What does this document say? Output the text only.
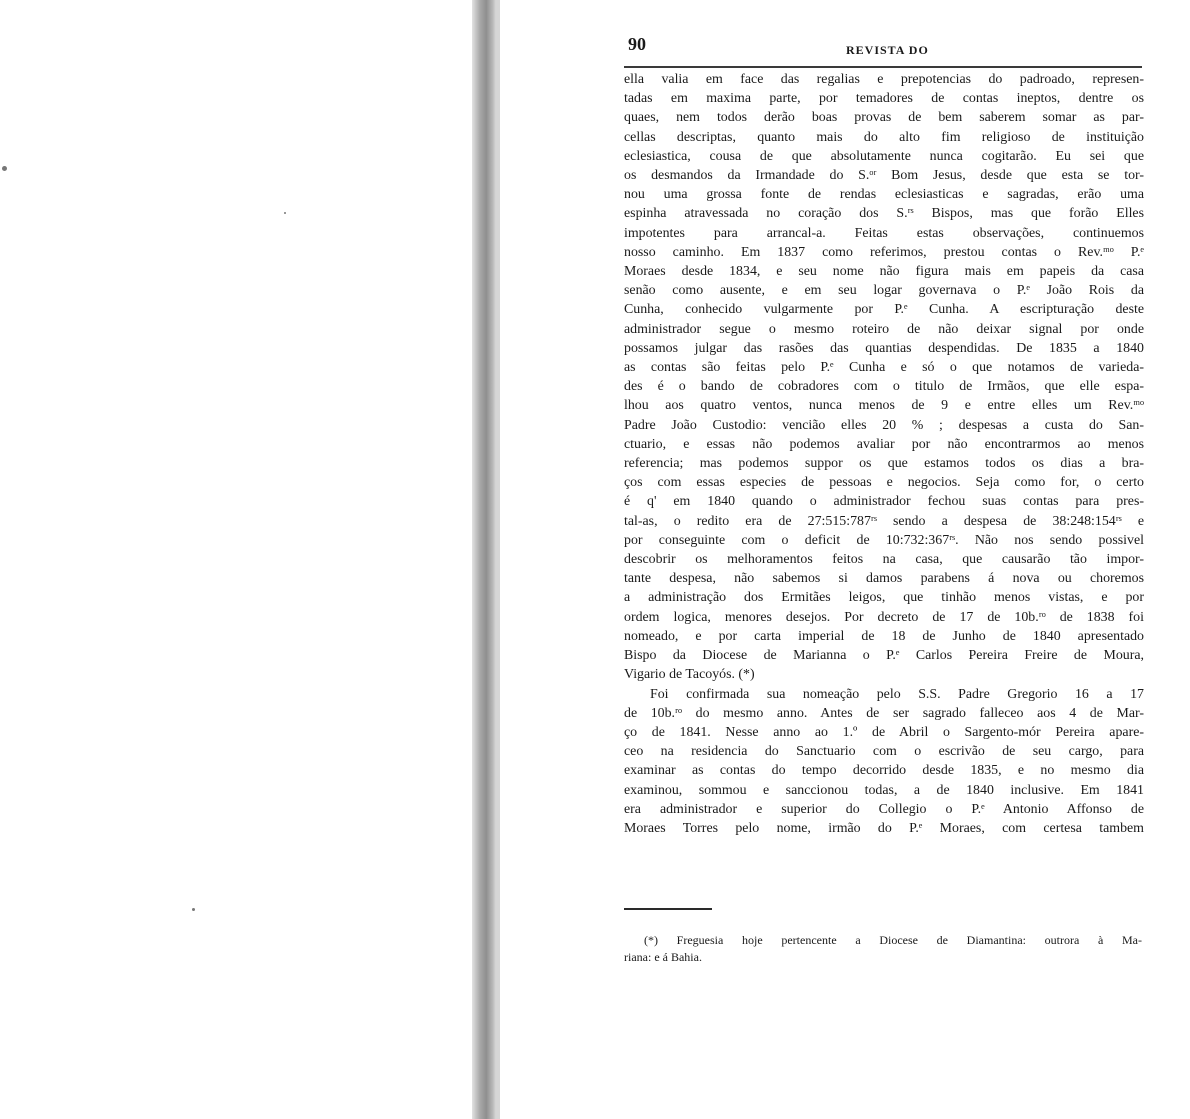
90	REVISTA DO
ella valia em face das regalias e prepotencias do padroado, represen-
tadas em maxima parte, por temadores de contas ineptos, dentre os
quaes, nem todos derão boas provas de bem saberem somar as par-
cellas descriptas, quanto mais do alto fim religioso de instituição
eclesiastica, cousa de que absolutamente nunca cogitarão. Eu sei que
os desmandos da Irmandade do S.ᵒʳ Bom Jesus, desde que esta se tor-
nou uma grossa fonte de rendas eclesiasticas e sagradas, erão uma
espinha atravessada no coração dos S.ʳˢ Bispos, mas que forão Elles
impotentes para arrancal-a. Feitas estas observações, continuemos
nosso caminho. Em 1837 como referimos, prestou contas o Rev.ᵐᵒ P.ᵉ
Moraes desde 1834, e seu nome não figura mais em papeis da casa
senão como ausente, e em seu logar governava o P.ᵉ João Rois da
Cunha, conhecido vulgarmente por P.ᵉ Cunha. A escripturação deste
administrador segue o mesmo roteiro de não deixar signal por onde
possamos julgar das rasões das quantias despendidas. De 1835 a 1840
as contas são feitas pelo P.ᵉ Cunha e só o que notamos de varieda-
des é o bando de cobradores com o titulo de Irmãos, que elle espa-
lhou aos quatro ventos, nunca menos de 9 e entre elles um Rev.ᵐᵒ
Padre João Custodio: vencião elles 20 % ; despesas a custa do San-
ctuario, e essas não podemos avaliar por não encontrarmos ao menos
referencia; mas podemos suppor os que estamos todos os dias a bra-
ços com essas especies de pessoas e negocios. Seja como for, o certo
é q' em 1840 quando o administrador fechou suas contas para pres-
tal-as, o redito era de 27:515:787ʳˢ sendo a despesa de 38:248:154ʳˢ e
por conseguinte com o deficit de 10:732:367ʳˢ. Não nos sendo possivel
descobrir os melhoramentos feitos na casa, que causarão tão impor-
tante despesa, não sabemos si damos parabens á nova ou choremos
a administração dos Ermitães leigos, que tinhão menos vistas, e por
ordem logica, menores desejos. Por decreto de 17 de 10b.ʳᵒ de 1838 foi
nomeado, e por carta imperial de 18 de Junho de 1840 apresentado
Bispo da Diocese de Marianna o P.ᵉ Carlos Pereira Freire de Moura,
Vigario de Tacoyós. (*)
Foi confirmada sua nomeação pelo S.S. Padre Gregorio 16 a 17
de 10b.ʳᵒ do mesmo anno. Antes de ser sagrado falleceo aos 4 de Mar-
ço de 1841. Nesse anno ao 1.º de Abril o Sargento-mór Pereira apare-
ceo na residencia do Sanctuario com o escrivão de seu cargo, para
examinar as contas do tempo decorrido desde 1835, e no mesmo dia
examinou, sommou e sanccionou todas, a de 1840 inclusive. Em 1841
era administrador e superior do Collegio o P.ᵉ Antonio Affonso de
Moraes Torres pelo nome, irmão do P.ᵉ Moraes, com certesa tambem
(*) Freguesia hoje pertencente a Diocese de Diamantina: outrora à Ma-
riana: e á Bahia.
